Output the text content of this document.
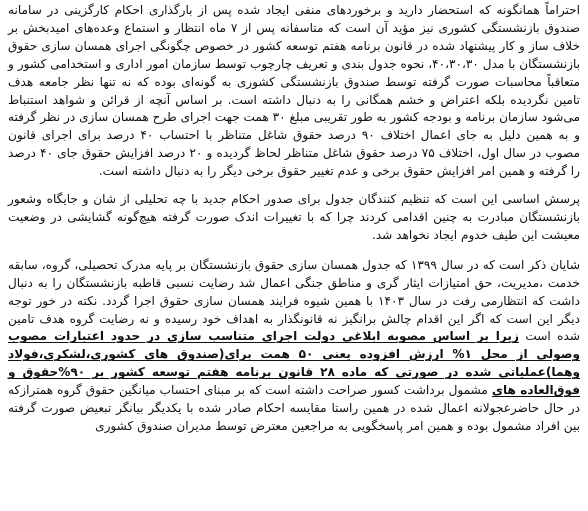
احتراماً همانگونه که استحضار دارید و برخوردهای منفی ایجاد شده پس از بارگذاری احکام کارگزینی در سامانه صندوق بازنشستگی کشوری نیز مؤید آن است که متاسفانه پس از ۷ ماه انتظار و استماع وعده‌های امیدبخش بر خلاف ساز و کار پیشنهاد شده در قانون برنامه هفتم توسعه کشور در خصوص چگونگی اجرای همسان سازی حقوق بازنشستگان با مدل ۴۰،۳۰،۳۰، نحوه جدول بندی و تعریف چارچوب توسط سازمان امور اداری و استخدامی کشور و متعاقباً محاسبات صورت گرفته توسط صندوق بازنشستگی کشوری به گونه‌ای بوده که نه تنها نظر جامعه هدف تامین نگردیده بلکه اعتراض و خشم همگانی را به دنبال داشته است. بر اساس آنچه از قرائن و شواهد استنباط می‌شود سازمان برنامه و بودجه کشور به طور تقریبی مبلغ ۳۰ همت جهت اجرای طرح همسان سازی در نظر گرفته و به همین دلیل به جای اعمال اختلاف ۹۰ درصد حقوق شاغل متناظر با احتساب ۴۰ درصد برای اجرای قانون مصوب در سال اول، اختلاف ۷۵ درصد حقوق شاغل متناظر لحاظ گردیده و ۲۰ درصد افزایش حقوق جای ۴۰ درصد را گرفته و همین امر افزایش حقوق برخی و عدم تغییر حقوق برخی دیگر را به دنبال داشته است.

پرسش اساسی این است که تنظیم کنندگان جدول برای صدور احکام جدید با چه تحلیلی از شان و جایگاه وشعور بازنشستگان مبادرت به چنین اقدامی کردند چرا که با تغییرات اندک صورت گرفته هیچ‌گونه گشایشی در وضعیت معیشت این طیف خدوم ایجاد نخواهد شد.

شایان ذکر است که در سال ۱۳۹۹ که جدول همسان سازی حقوق بازنشستگان بر پایه مدرک تحصیلی، گروه، سابقه خدمت ،مدیریت، حق امتیازات ایثار گری و مناطق جنگی اعمال شد رضایت نسبی قاطبه بازنشستگان را به دنبال داشت که انتظارمی رفت در سال ۱۴۰۳ با همین شیوه فرایند همسان سازی حقوق اجرا گردد. نکته در خور توجه دیگر این است که اگر این اقدام چالش برانگیز نه قانونگذار به اهداف خود رسیده و نه رضایت گروه هدف تامین شده است زیرا بر اساس مصوبه ابلاغی دولت اجرای متناسب سازی در حدود اعتبارات مصوب وصولی از محل ۱% ارزش افزوده یعنی ۵۰ همت برای(صندوق های کشوری،لشکری،فولاد وهما)عملیاتی شده در صورتی که ماده ۲۸ قانون برنامه هفتم توسعه کشور بر ۹۰%حقوق و فوق‌العاده های مشمول برداشت کسور صراحت داشته است که بر مبنای احتساب میانگین حقوق گروه همترازکه در حال حاضرعجولانه اعمال شده در همین راستا مقایسه احکام صادر شده با یکدیگر بیانگر تبعیض صورت گرفته بین افراد مشمول بوده و همین امر پاسخگویی به مراجعین معترض توسط مدیران صندوق کشوری
